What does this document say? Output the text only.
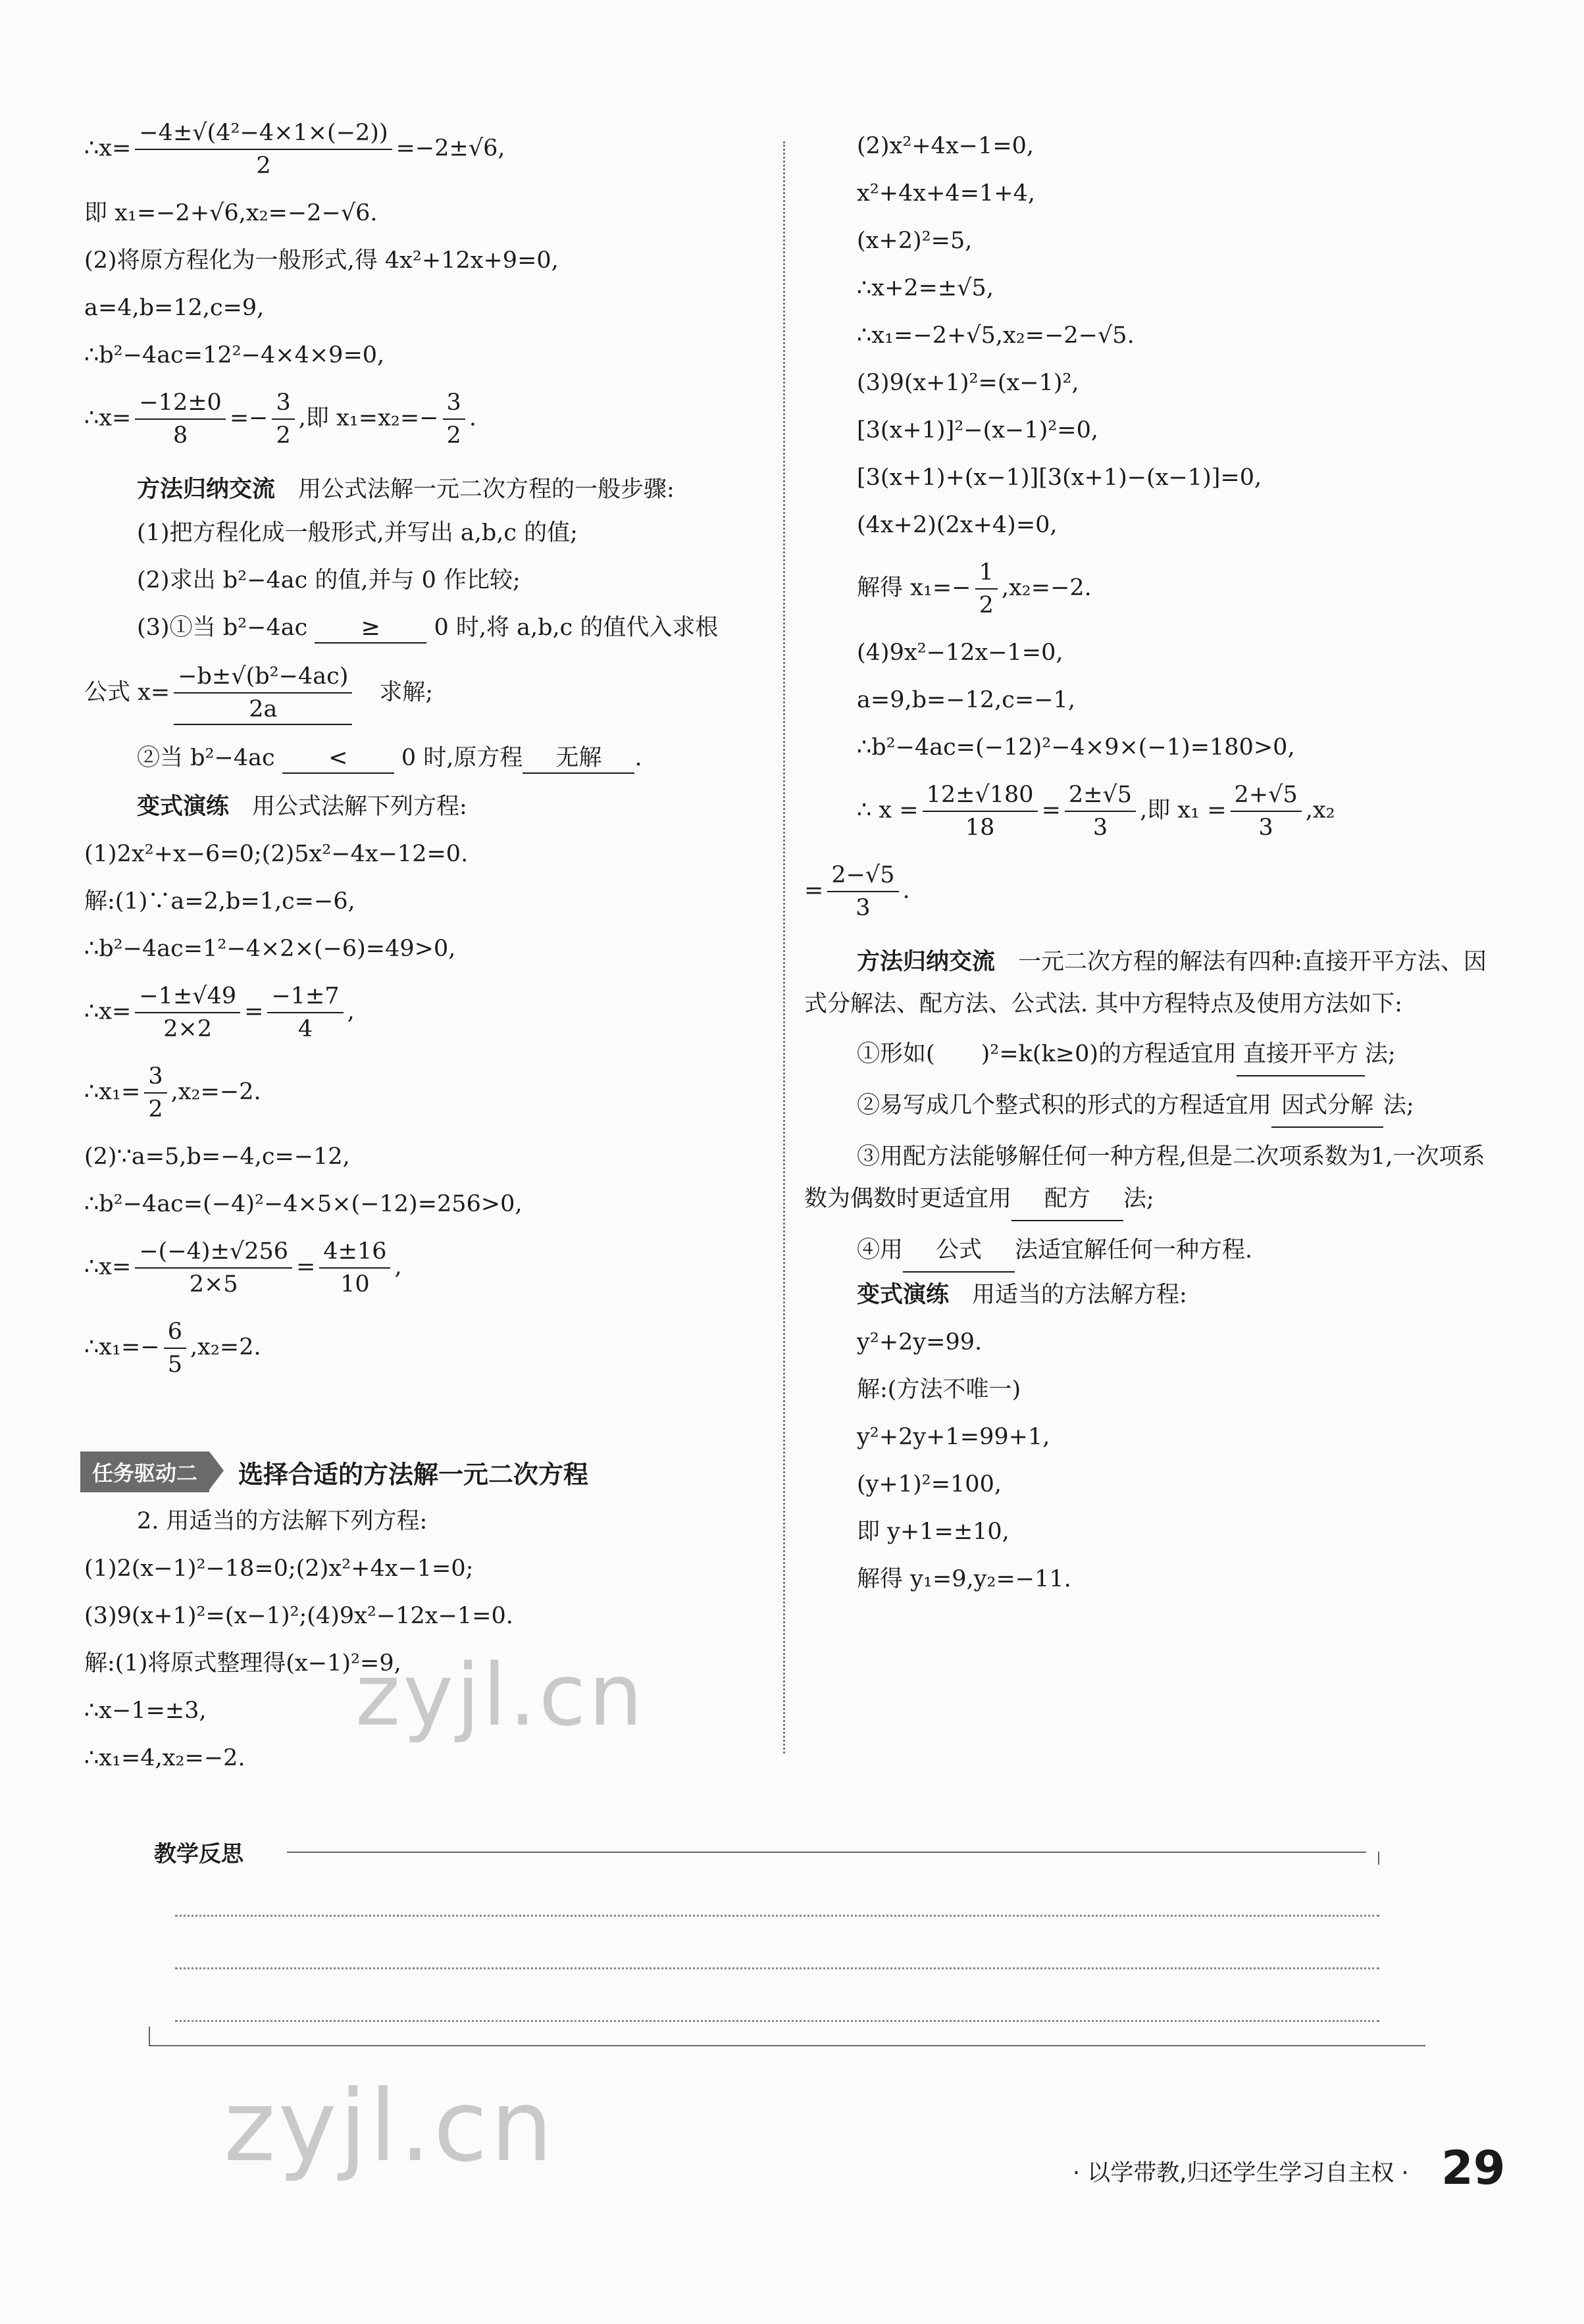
∴x= $\frac{\text{−4±√(4²−4×1×(−2))}}{2} =-2\pm√6$,
即 x₁=−2+√6,x₂=−2−√6.
(2)将原方程化为一般形式,得 4x²+12x+9=0,
a=4,b=12,c=9,
∴b²−4ac=12²−4×4×9=0,
∴x= $\frac{-12\pm 0}{8} =- \frac{3}{2}$ ,即 $x_1=x_2=- \frac{3}{2}$ .
方法归纳交流　 用公式法解一元二次方程的一般步骤:
(1)把方程化成一般形式,并写出 a,b,c 的值;
(2)求出 b²−4ac 的值,并与 0 作比较;
(3)①当 b²−4ac ≥ 0 时,将 a,b,c 的值代入求根
公式 $x= \frac{\text{−b±√(b²−4ac)}}{2a}$
　 求解;
②当 b²−4ac < 0 时,原方程 无解 .
变式演练　 用公式法解下列方程:
(1)2x²+x−6=0;(2)5x²−4x−12=0.
解:(1)∵a=2,b=1,c=−6,
∴b²−4ac=1²−4×2×(−6)=49>0,
∴x= $\frac{-1\pm√49}{2\times 2} = \frac{-1\pm 7}{4}$ ,
∴x₁= $\frac{3}{2} ,x_2=-2$.
(2)∵a=5,b=−4,c=−12,
∴b²−4ac=(−4)²−4×5×(−12)=256>0,
∴x= $\frac{-(-4)\pm√256}{2\times 5} = \frac{4\pm 16}{10}$ ,
∴x₁=− $\frac{6}{5} ,x_2=2$.
任务驱动二	选择合适的方法解一元二次方程
2. 用适当的方法解下列方程:
(1)2(x−1)²−18=0;(2)x²+4x−1=0;
(3)9(x+1)²=(x−1)²;(4)9x²−12x−1=0.
解:(1)将原式整理得(x−1)²=9,
∴x−1=±3,
∴x₁=4,x₂=−2.
(2)x²+4x−1=0,
x²+4x+4=1+4,
(x+2)²=5,
∴x+2=±√5,
∴x₁=−2+√5,x₂=−2−√5.
(3)9(x+1)²=(x−1)²,
[3(x+1)]²−(x−1)²=0,
[3(x+1)+(x−1)][3(x+1)−(x−1)]=0,
(4x+2)(2x+4)=0,
解得 $x_1=- \frac{1}{2} ,x_2=-2$.
(4)9x²−12x−1=0,
a=9,b=−12,c=−1,
∴b²−4ac=(−12)²−4×9×(−1)=180>0,
∴ $x = \frac{12\pm√180}{18} = \frac{2\pm√5}{3}$ ,即 $x_1 = \frac{2+√5}{3} ,x_2$
= $\frac{2-√5}{3}$ .
方法归纳交流　 一元二次方程的解法有四种:直接开平方法、因式分解法、配方法、公式法. 其中方程特点及使用方法如下:
①形如(　　)²=k(k≥0)的方程适宜用 直接开平方 法;
②易写成几个整式积的形式的方程适宜用 因式分解 法;
③用配方法能够解任何一种方程,但是二次项系数为1,一次项系数为偶数时更适宜用 配方 法;
④用 公式 法适宜解任何一种方程.
变式演练　 用适当的方法解方程:
y²+2y=99.
解:(方法不唯一)
y²+2y+1=99+1,
(y+1)²=100,
即 y+1=±10,
解得 y₁=9,y₂=−11.
教学反思
zyjl.cn
zyjl.cn	· 以学带教,归还学生学习自主权 · 29
